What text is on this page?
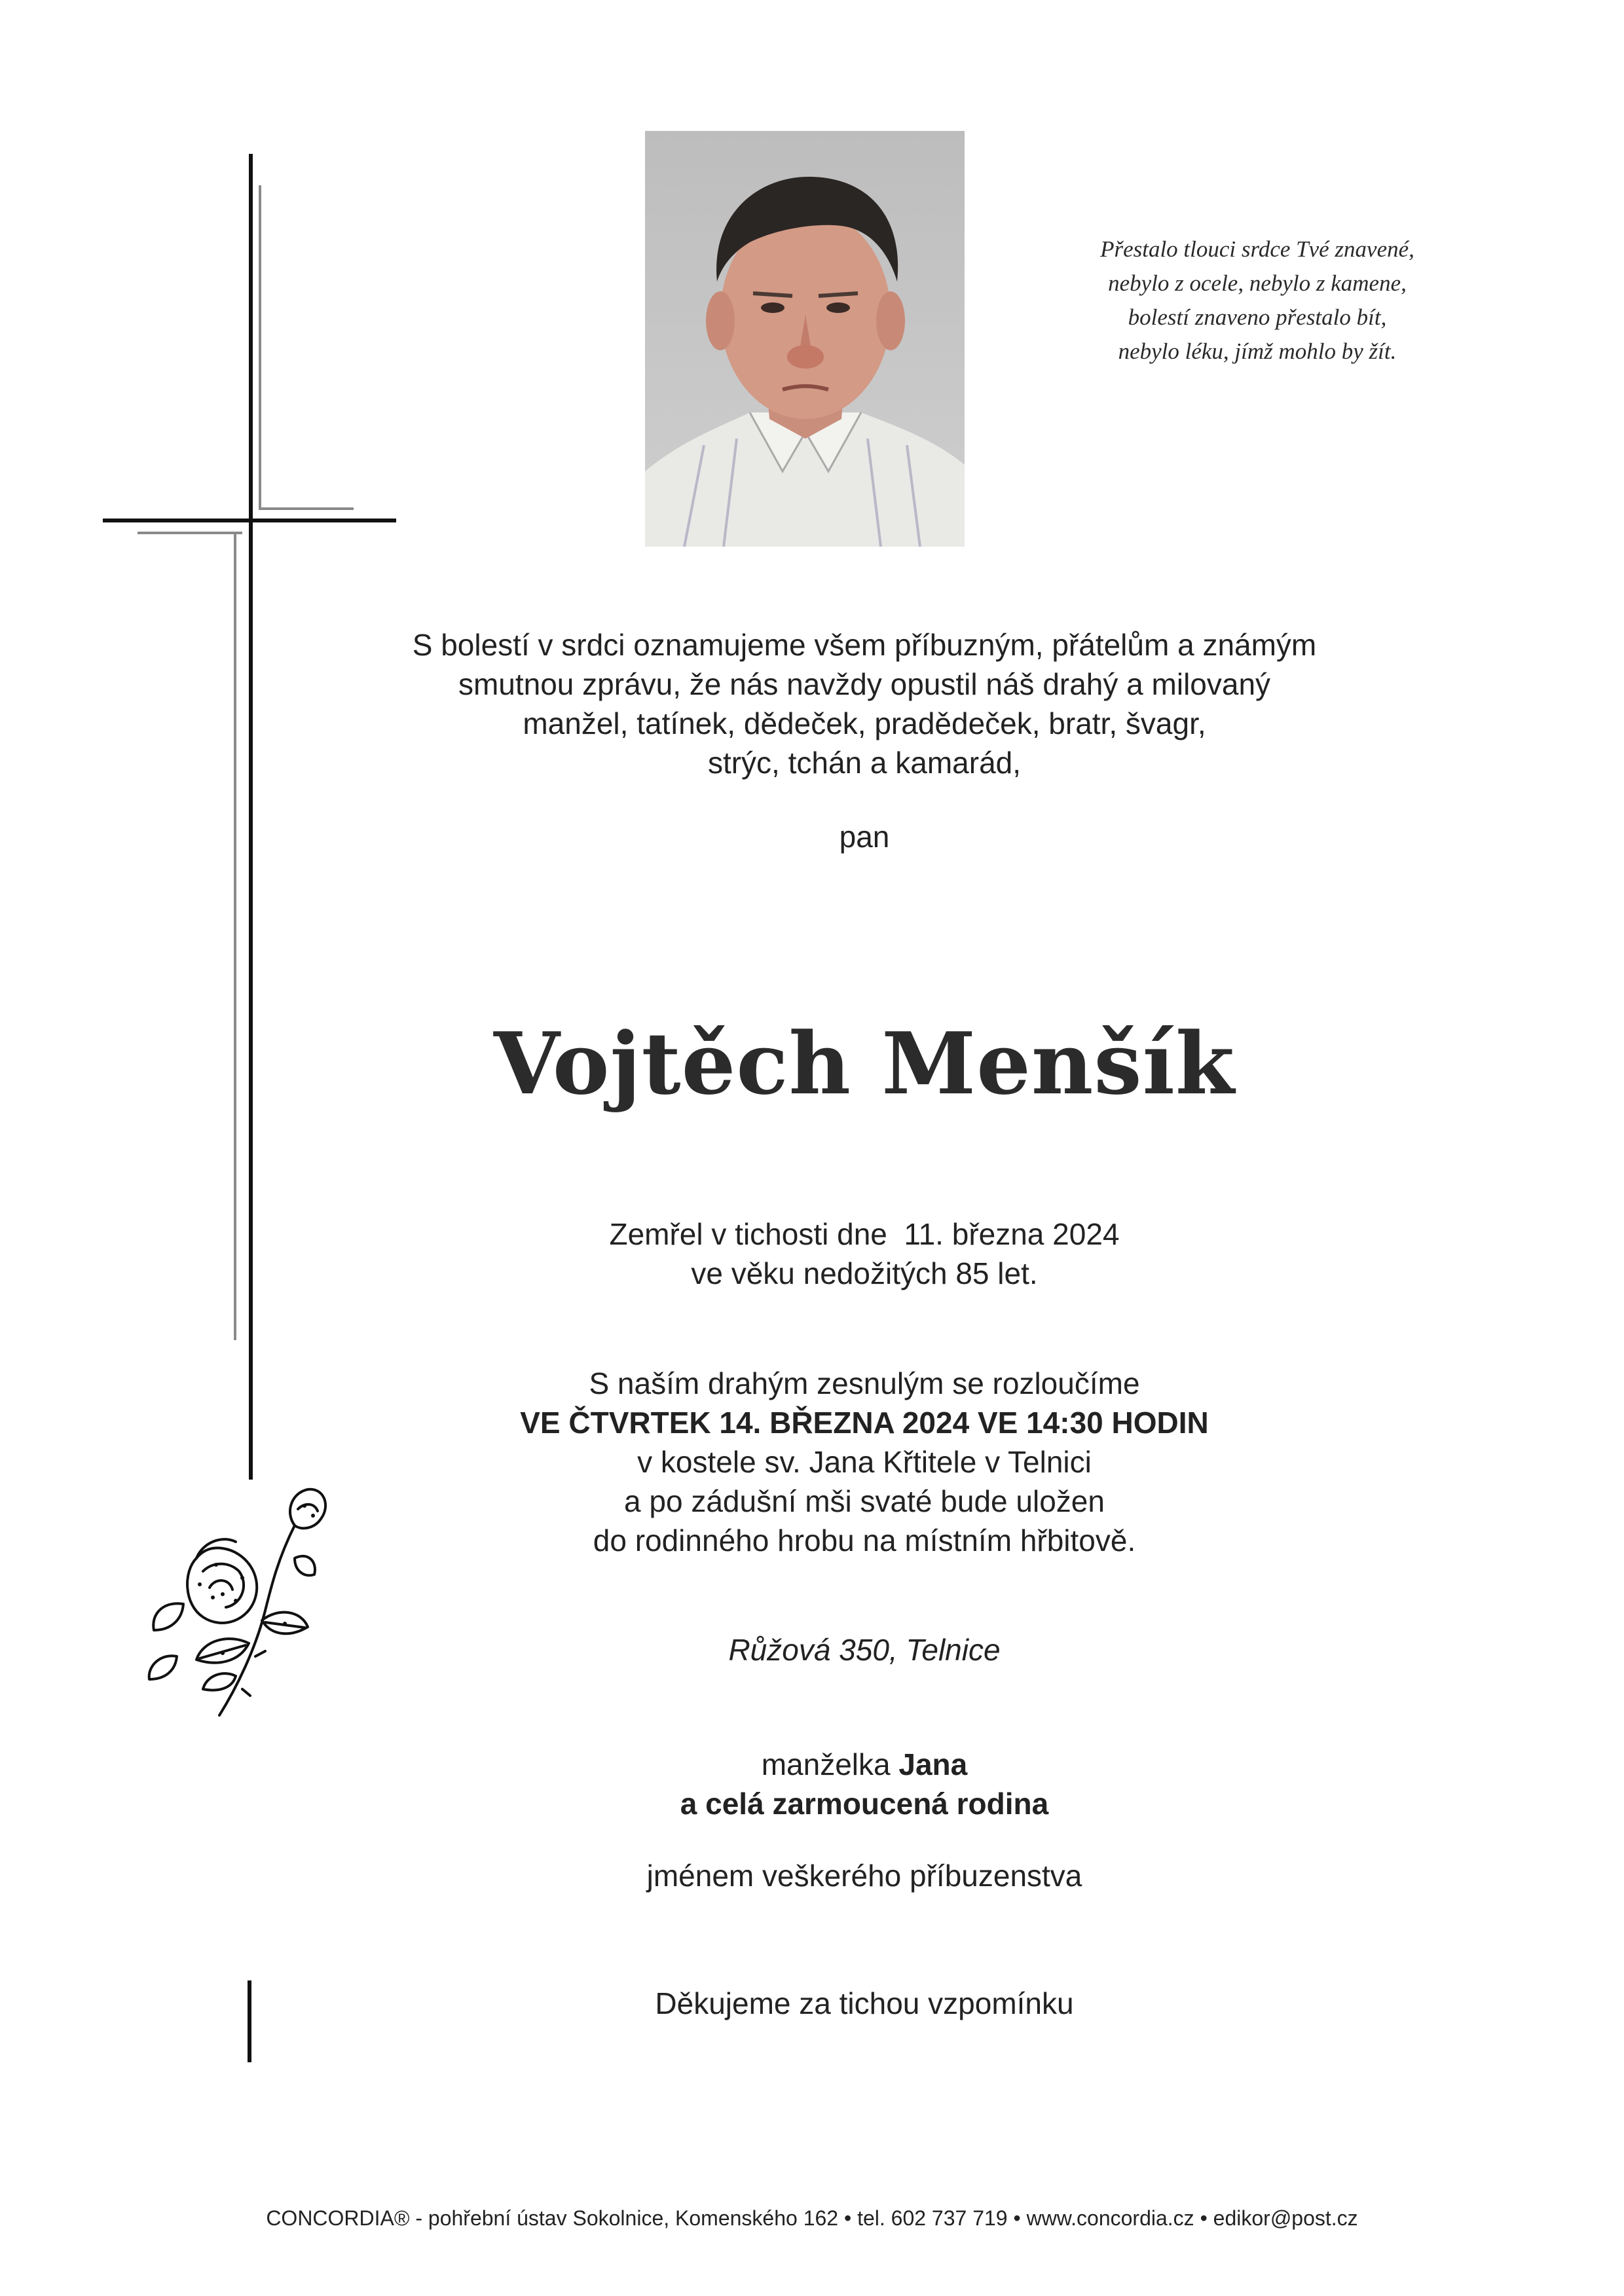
Přestalo tlouci srdce Tvé znavené,
nebylo z ocele, nebylo z kamene,
bolestí znaveno přestalo bít,
nebylo léku, jímž mohlo by žít.
S bolestí v srdci oznamujeme všem příbuzným, přátelům a známým
smutnou zprávu, že nás navždy opustil náš drahý a milovaný
manžel, tatínek, dědeček, pradědeček, bratr, švagr,
strýc, tchán a kamarád,
pan
Vojtěch Menšík
Zemřel v tichosti dne  11. března 2024
ve věku nedožitých 85 let.
S naším drahým zesnulým se rozloučíme
VE ČTVRTEK 14. BŘEZNA 2024 VE 14:30 HODIN
v kostele sv. Jana Křtitele v Telnici
a po zádušní mši svaté bude uložen
do rodinného hrobu na místním hřbitově.
Růžová 350, Telnice
manželka Jana
a celá zarmoucená rodina
jménem veškerého příbuzenstva
Děkujeme za tichou vzpomínku
CONCORDIA® - pohřební ústav Sokolnice, Komenského 162 • tel. 602 737 719 • www.concordia.cz • edikor@post.cz
